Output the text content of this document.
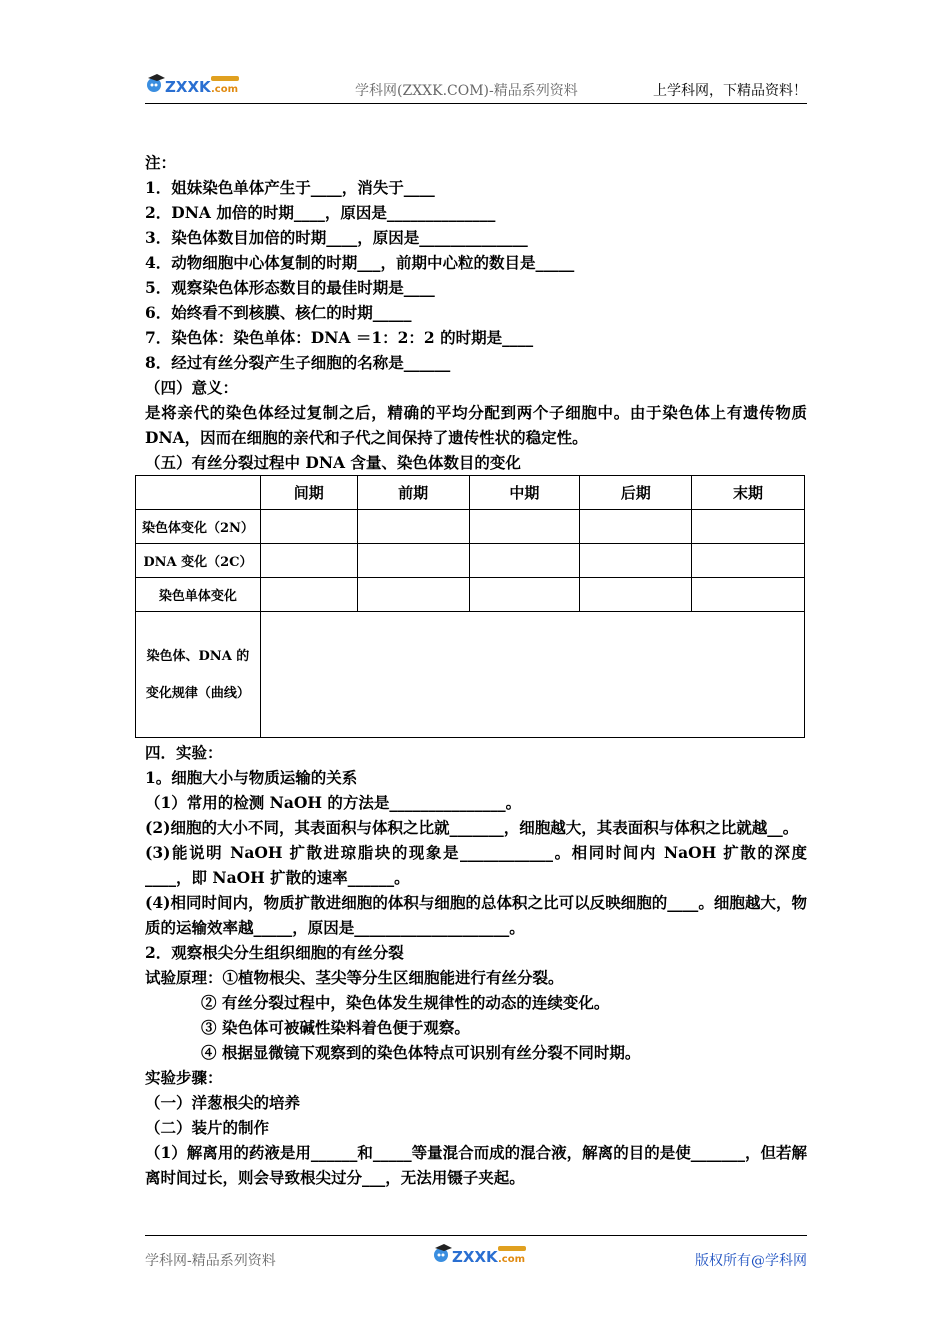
ZXXK .com	学科网(ZXXK.COM)-精品系列资料	上学科网，下精品资料！
注：
1．姐妹染色单体产生于____，消失于____
2．DNA 加倍的时期____，原因是______________
3．染色体数目加倍的时期____，原因是______________
4．动物细胞中心体复制的时期___，前期中心粒的数目是_____
5．观察染色体形态数目的最佳时期是____
6．始终看不到核膜、核仁的时期_____
7．染色体：染色单体：DNA ＝1：2：2 的时期是____
8．经过有丝分裂产生子细胞的名称是______
（四）意义：
是将亲代的染色体经过复制之后，精确的平均分配到两个子细胞中。由于染色体上有遗传物质 DNA，因而在细胞的亲代和子代之间保持了遗传性状的稳定性。
（五）有丝分裂过程中 DNA 含量、染色体数目的变化
	间期	前期	中期	后期	末期
染色体变化（2N）					
DNA 变化（2C）					
染色单体变化					

染色体、DNA 的
变化规律（曲线）					

四．实验：
1。细胞大小与物质运输的关系
（1）常用的检测 NaOH 的方法是_______________。
(2)细胞的大小不同，其表面积与体积之比就_______，细胞越大，其表面积与体积之比就越__。
(3)能说明 NaOH 扩散进琼脂块的现象是____________。相同时间内 NaOH 扩散的深度____，即 NaOH 扩散的速率______。
(4)相同时间内，物质扩散进细胞的体积与细胞的总体积之比可以反映细胞的____。细胞越大，物质的运输效率越_____，原因是____________________。
2．观察根尖分生组织细胞的有丝分裂
试验原理：①植物根尖、茎尖等分生区细胞能进行有丝分裂。
② 有丝分裂过程中，染色体发生规律性的动态的连续变化。
③ 染色体可被碱性染料着色便于观察。
④ 根据显微镜下观察到的染色体特点可识别有丝分裂不同时期。
实验步骤：
（一）洋葱根尖的培养
（二）装片的制作
（1）解离用的药液是用______和_____等量混合而成的混合液，解离的目的是使_______，但若解离时间过长，则会导致根尖过分___，无法用镊子夹起。
学科网-精品系列资料	ZXXK .com	版权所有@学科网
